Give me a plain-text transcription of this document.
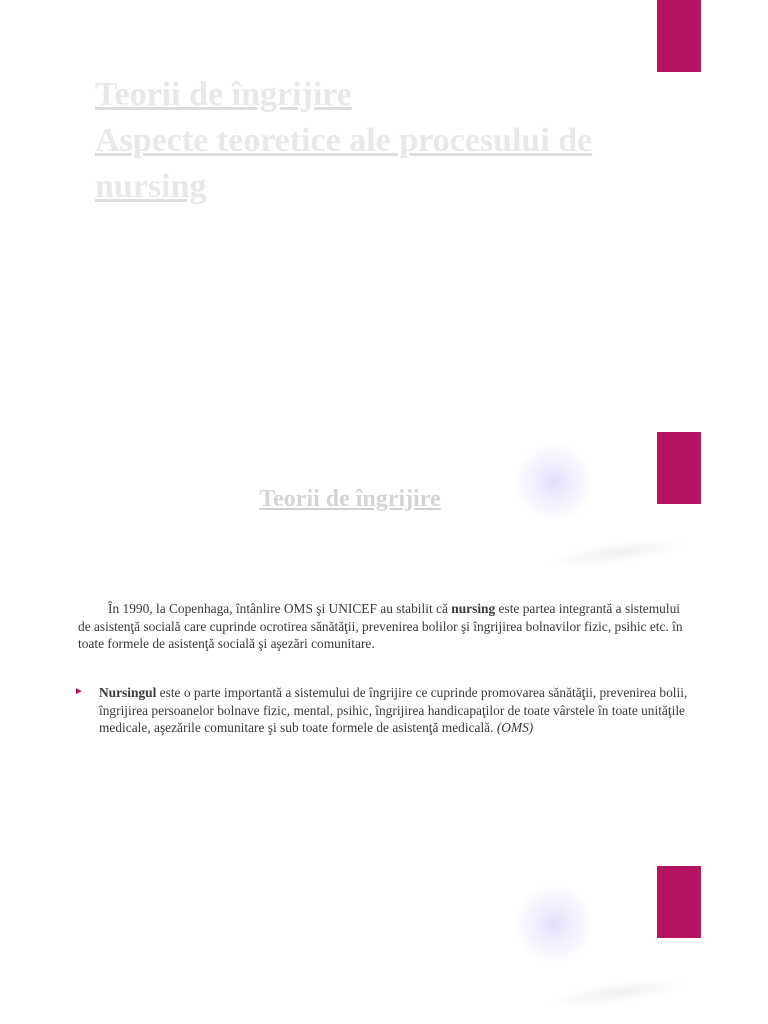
Teorii de îngrijire
Aspecte teoretice ale procesului de
nursing
Teorii de îngrijire

În 1990, la Copenhaga, întânlire OMS şi UNICEF au stabilit că nursing este partea integrantă a sistemului de asistenţă socială care cuprinde ocrotirea sănătăţii, prevenirea bolilor şi îngrijirea bolnavilor fizic, psihic etc. în toate formele de asistenţă socială şi aşezări comunitare.

► Nursingul este o parte importantă a sistemului de îngrijire ce cuprinde promovarea sănătăţii, prevenirea bolii, îngrijirea persoanelor bolnave fizic, mental, psihic, îngrijirea handicapaţilor de toate vârstele în toate unităţile medicale, aşezările comunitare şi sub toate formele de asistenţă medicală. (OMS)
